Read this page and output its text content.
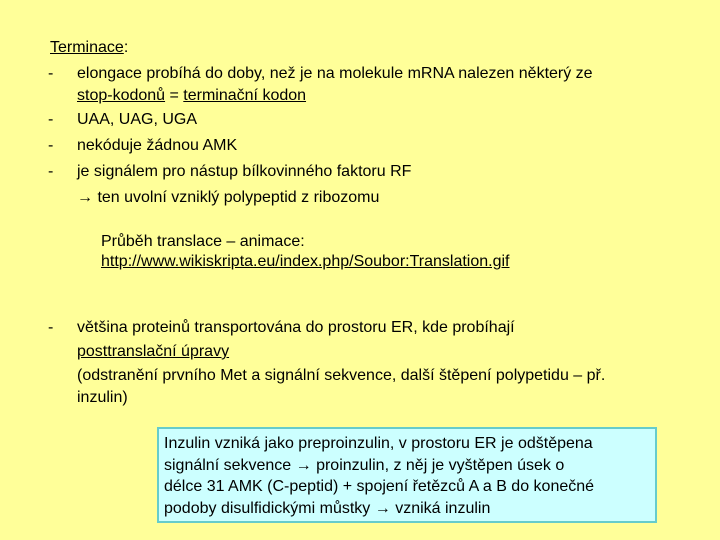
Terminace:
- elongace probíhá do doby, než je na molekule mRNA nalezen některý ze
stop-kodonů = terminační kodon
- UAA, UAG, UGA
- nekóduje žádnou AMK
- je signálem pro nástup bílkovinného faktoru RF
→ ten uvolní vzniklý polypeptid z ribozomu
Průběh translace – animace:
http://www.wikiskripta.eu/index.php/Soubor:Translation.gif
- většina proteinů transportována do prostoru ER, kde probíhají
posttranslační úpravy
(odstranění prvního Met a signální sekvence, další štěpení polypetidu – př.
inzulin)
Inzulin vzniká jako preproinzulin, v prostoru ER je odštěpena
signální sekvence → proinzulin, z něj je vyštěpen úsek o
délce 31 AMK (C-peptid) + spojení řetězců A a B do konečné
podoby disulfidickými můstky → vzniká inzulin
